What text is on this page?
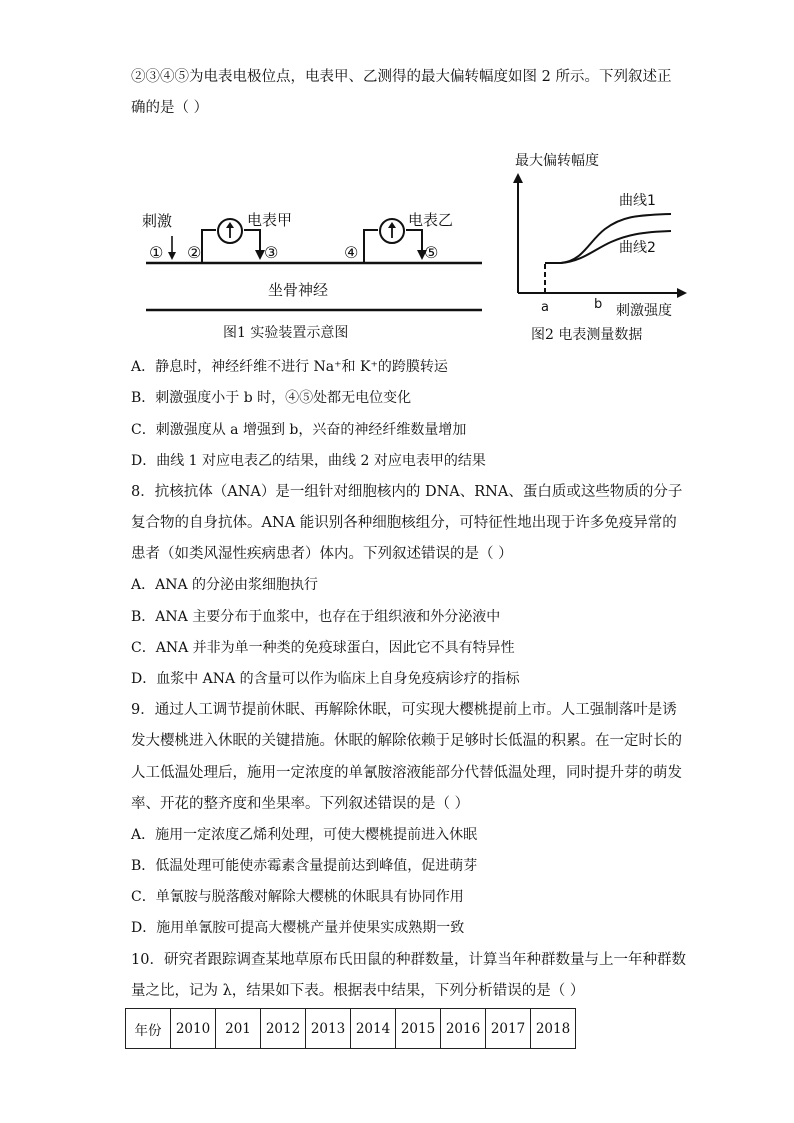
②③④⑤为电表电极位点，电表甲、乙测得的最大偏转幅度如图 2 所示。下列叙述正
确的是（ ）
刺激
① ②
电表甲
③	④
电表乙
⑤
坐骨神经
图1 实验装置示意图
最大偏转幅度
曲线1
曲线2
a	b 刺激强度
图2 电表测量数据
A．静息时，神经纤维不进行 Na⁺和 K⁺的跨膜转运
B．刺激强度小于 b 时，④⑤处都无电位变化
C．刺激强度从 a 增强到 b，兴奋的神经纤维数量增加
D．曲线 1 对应电表乙的结果，曲线 2 对应电表甲的结果
8．抗核抗体（ANA）是一组针对细胞核内的 DNA、RNA、蛋白质或这些物质的分子
复合物的自身抗体。ANA 能识别各种细胞核组分，可特征性地出现于许多免疫异常的
患者（如类风湿性疾病患者）体内。下列叙述错误的是（ ）
A．ANA 的分泌由浆细胞执行
B．ANA 主要分布于血浆中，也存在于组织液和外分泌液中
C．ANA 并非为单一种类的免疫球蛋白，因此它不具有特异性
D．血浆中 ANA 的含量可以作为临床上自身免疫病诊疗的指标
9．通过人工调节提前休眠、再解除休眠，可实现大樱桃提前上市。人工强制落叶是诱
发大樱桃进入休眠的关键措施。休眠的解除依赖于足够时长低温的积累。在一定时长的
人工低温处理后，施用一定浓度的单氰胺溶液能部分代替低温处理，同时提升芽的萌发
率、开花的整齐度和坐果率。下列叙述错误的是（ ）
A．施用一定浓度乙烯利处理，可使大樱桃提前进入休眠
B．低温处理可能使赤霉素含量提前达到峰值，促进萌芽
C．单氰胺与脱落酸对解除大樱桃的休眠具有协同作用
D．施用单氰胺可提高大樱桃产量并使果实成熟期一致
10．研究者跟踪调查某地草原布氏田鼠的种群数量，计算当年种群数量与上一年种群数
量之比，记为 λ，结果如下表。根据表中结果，下列分析错误的是（ ）
年份	2010	201	2012	2013	2014	2015	2016	2017	2018
